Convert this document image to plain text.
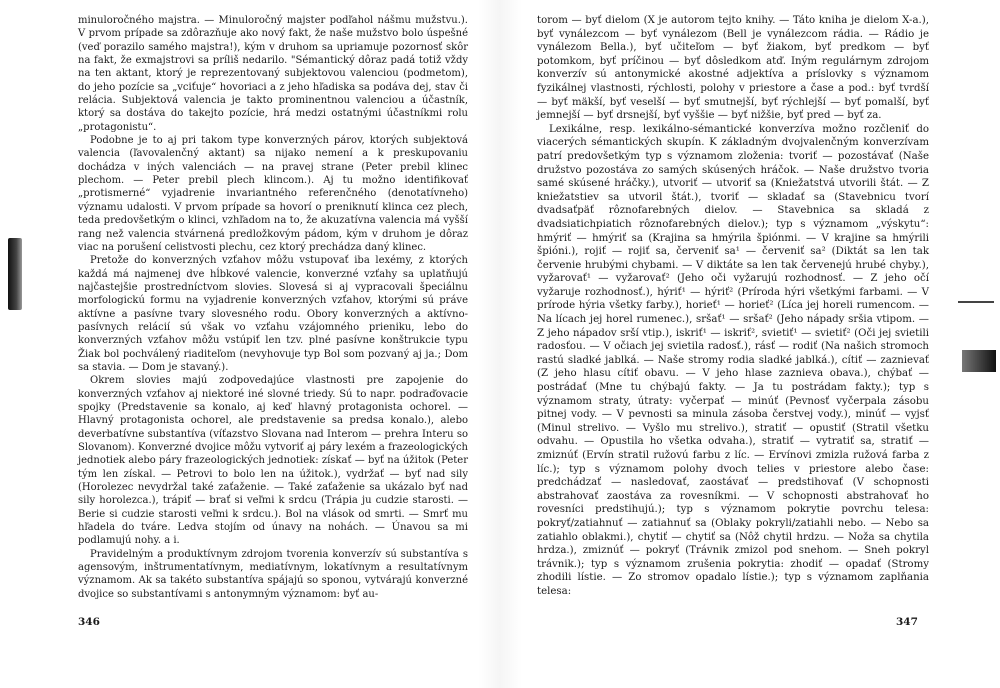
minuloročného majstra. — Minuloročný majster podľahol nášmu mužstvu.). V prvom prípade sa zdôrazňuje ako nový fakt, že naše mužstvo bolo úspešné (veď porazilo samého majstra!), kým v druhom sa upriamuje pozornosť skôr na fakt, že exmajstrovi sa príliš nedarilo. "Sémantický dôraz padá totiž vždy na ten aktant, ktorý je reprezentovaný subjektovou valenciou (podmetom), do jeho pozície sa „vciťuje“ hovoriaci a z jeho hľadiska sa podáva dej, stav či relácia. Subjektová valencia je takto prominentnou valenciou a účastník, ktorý sa dostáva do takejto pozície, hrá medzi ostatnými účastníkmi rolu „protagonistu“.

Podobne je to aj pri takom type konverzných párov, ktorých subjektová valencia (ľavovalenčný aktant) sa nijako nemení a k preskupovaniu dochádza v iných valenciách — na pravej strane (Peter prebil klinec plechom. — Peter prebil plech klincom.). Aj tu možno identifikovať „protismerné“ vyjadrenie invariantného referenčného (denotatívneho) významu udalosti. V prvom prípade sa hovorí o preniknutí klinca cez plech, teda predovšetkým o klinci, vzhľadom na to, že akuzatívna valencia má vyšší rang než valencia stvárnená predložkovým pádom, kým v druhom je dôraz viac na porušení celistvosti plechu, cez ktorý prechádza daný klinec.

Pretože do konverzných vzťahov môžu vstupovať iba lexémy, z ktorých každá má najmenej dve hĺbkové valencie, konverzné vzťahy sa uplatňujú najčastejšie prostredníctvom slovies. Slovesá si aj vypracovali špeciálnu morfologickú formu na vyjadrenie konverzných vzťahov, ktorými sú práve aktívne a pasívne tvary slovesného rodu. Obory konverzných a aktívno-pasívnych relácií sú však vo vzťahu vzájomného prieniku, lebo do konverzných vzťahov môžu vstúpiť len tzv. plné pasívne konštrukcie typu Žiak bol pochválený riaditeľom (nevyhovuje typ Bol som pozvaný aj ja.; Dom sa stavia. — Dom je stavaný.).

Okrem slovies majú zodpovedajúce vlastnosti pre zapojenie do konverzných vzťahov aj niektoré iné slovné triedy. Sú to napr. podraďovacie spojky (Predstavenie sa konalo, aj keď hlavný protagonista ochorel. — Hlavný protagonista ochorel, ale predstavenie sa predsa konalo.), alebo deverbatívne substantíva (víťazstvo Slovana nad Interom — prehra Interu so Slovanom). Konverzné dvojice môžu vytvoriť aj páry lexém a frazeologických jednotiek alebo páry frazeologických jednotiek: získať — byť na úžitok (Peter tým len získal. — Petrovi to bolo len na úžitok.), vydržať — byť nad sily (Horolezec nevydržal také zaťaženie. — Také zaťaženie sa ukázalo byť nad sily horolezca.), trápiť — brať si veľmi k srdcu (Trápia ju cudzie starosti. — Berie si cudzie starosti veľmi k srdcu.). Bol na vlások od smrti. — Smrť mu hľadela do tváre. Ledva stojím od únavy na nohách. — Únavou sa mi podlamujú nohy. a i.

Pravidelným a produktívnym zdrojom tvorenia konverzív sú substantíva s agensovým, inštrumentatívnym, mediatívnym, lokatívnym a resultatívnym významom. Ak sa takéto substantíva spájajú so sponou, vytvárajú konverzné dvojice so substantívami s antonymným významom: byť au-

346

torom — byť dielom (X je autorom tejto knihy. — Táto kniha je dielom X-a.), byť vynálezcom — byť vynálezom (Bell je vynálezcom rádia. — Rádio je vynálezom Bella.), byť učiteľom — byť žiakom, byť predkom — byť potomkom, byť príčinou — byť dôsledkom atď. Iným regulárnym zdrojom konverzív sú antonymické akostné adjektíva a príslovky s významom fyzikálnej vlastnosti, rýchlosti, polohy v priestore a čase a pod.: byť tvrdší — byť mäkší, byť veselší — byť smutnejší, byť rýchlejší — byť pomalší, byť jemnejší — byť drsnejší, byť vyššie — byť nižšie, byť pred — byť za.

Lexikálne, resp. lexikálno-sémantické konverzíva možno rozčleniť do viacerých sémantických skupín. K základným dvojvalenčným konverzívam patrí predovšetkým typ s významom zloženia: tvoriť — pozostávať (Naše družstvo pozostáva zo samých skúsených hráčok. — Naše družstvo tvoria samé skúsené hráčky.), utvoriť — utvoriť sa (Kniežatstvá utvorili štát. — Z kniežatstiev sa utvoril štát.), tvoriť — skladať sa (Stavebnicu tvorí dvadsaťpäť rôznofarebných dielov. — Stavebnica sa skladá z dvadsiatichpiatich rôznofarebných dielov.); typ s významom „výskytu“: hmýriť — hmýriť sa (Krajina sa hmýrila špiónmi. — V krajine sa hmýrili špióni.), rojiť — rojiť sa, červeniť sa¹ — červeniť sa² (Diktát sa len tak červenie hrubými chybami. — V diktáte sa len tak červenejú hrubé chyby.), vyžarovať¹ — vyžarovať² (Jeho oči vyžarujú rozhodnosť. — Z jeho očí vyžaruje rozhodnosť.), hýriť¹ — hýriť² (Príroda hýri všetkými farbami. — V prírode hýria všetky farby.), horieť¹ — horieť² (Líca jej horeli rumencom. — Na lícach jej horel rumenec.), sršať¹ — sršať² (Jeho nápady sršia vtipom. — Z jeho nápadov srší vtip.), iskriť¹ — iskriť², svietiť¹ — svietiť² (Oči jej svietili radosťou. — V očiach jej svietila radosť.), rásť — rodiť (Na našich stromoch rastú sladké jablká. — Naše stromy rodia sladké jablká.), cítiť — zaznievať (Z jeho hlasu cítiť obavu. — V jeho hlase zaznieva obava.), chýbať — postrádať (Mne tu chýbajú fakty. — Ja tu postrádam fakty.); typ s významom straty, útraty: vyčerpať — minúť (Pevnosť vyčerpala zásobu pitnej vody. — V pevnosti sa minula zásoba čerstvej vody.), minúť — vyjsť (Minul strelivo. — Vyšlo mu strelivo.), stratiť — opustiť (Stratil všetku odvahu. — Opustila ho všetka odvaha.), stratiť — vytratiť sa, stratiť — zmiznúť (Ervín stratil ružovú farbu z líc. — Ervínovi zmizla ružová farba z líc.); typ s významom polohy dvoch telies v priestore alebo čase: predchádzať — nasledovať, zaostávať — predstihovať (V schopnosti abstrahovať zaostáva za rovesníkmi. — V schopnosti abstrahovať ho rovesníci predstihujú.); typ s významom pokrytie povrchu telesa: pokryť/zatiahnuť — zatiahnuť sa (Oblaky pokryli/zatiahli nebo. — Nebo sa zatiahlo oblakmi.), chytiť — chytiť sa (Nôž chytil hrdzu. — Noža sa chytila hrdza.), zmiznúť — pokryť (Trávnik zmizol pod snehom. — Sneh pokryl trávnik.); typ s významom zrušenia pokrytia: zhodiť — opadať (Stromy zhodili lístie. — Zo stromov opadalo lístie.); typ s významom zaplňania telesa:

347
